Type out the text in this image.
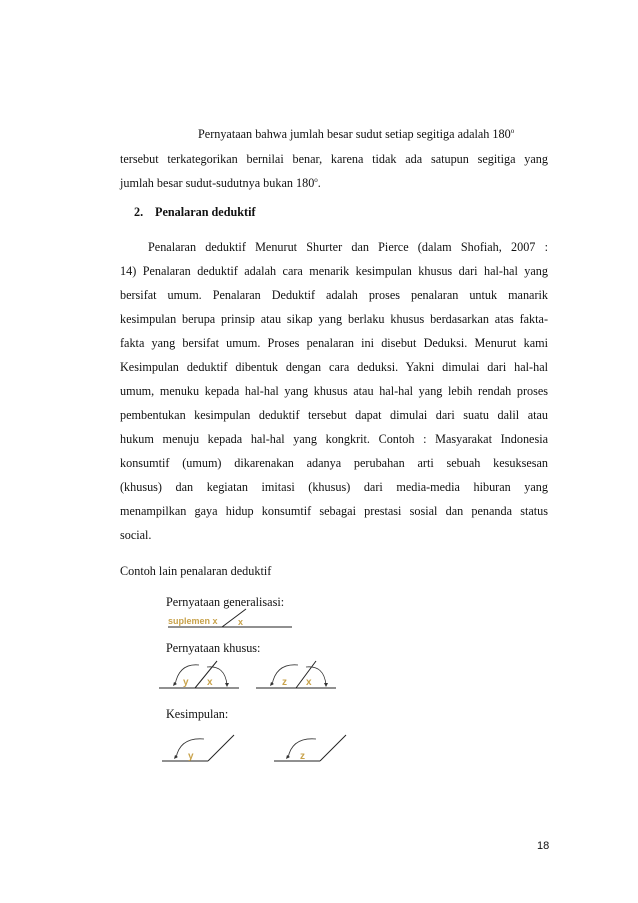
Pernyataan bahwa jumlah besar sudut setiap segitiga adalah 180$^o$
tersebut terkategorikan bernilai benar, karena tidak ada satupun segitiga yang
jumlah besar sudut-sudutnya bukan 180$^o$.
2. Penalaran deduktif
Penalaran deduktif Menurut Shurter dan Pierce (dalam Shofiah, 2007 :
14) Penalaran deduktif adalah cara menarik kesimpulan khusus dari hal-hal yang
bersifat umum. Penalaran Deduktif adalah proses penalaran untuk manarik
kesimpulan berupa prinsip atau sikap yang berlaku khusus berdasarkan atas fakta-
fakta yang bersifat umum. Proses penalaran ini disebut Deduksi. Menurut kami
Kesimpulan deduktif dibentuk dengan cara deduksi. Yakni dimulai dari hal-hal
umum, menuku kepada hal-hal yang khusus atau hal-hal yang lebih rendah proses
pembentukan kesimpulan deduktif tersebut dapat dimulai dari suatu dalil atau
hukum menuju kepada hal-hal yang kongkrit. Contoh : Masyarakat Indonesia
konsumtif (umum) dikarenakan adanya perubahan arti sebuah kesuksesan
(khusus) dan kegiatan imitasi (khusus) dari media-media hiburan yang
menampilkan gaya hidup konsumtif sebagai prestasi sosial dan penanda status
social.
Contoh lain penalaran deduktif
Pernyataan generalisasi:
suplemen x x
Pernyataan khusus:
y x	z x
Kesimpulan:
y	z
18
